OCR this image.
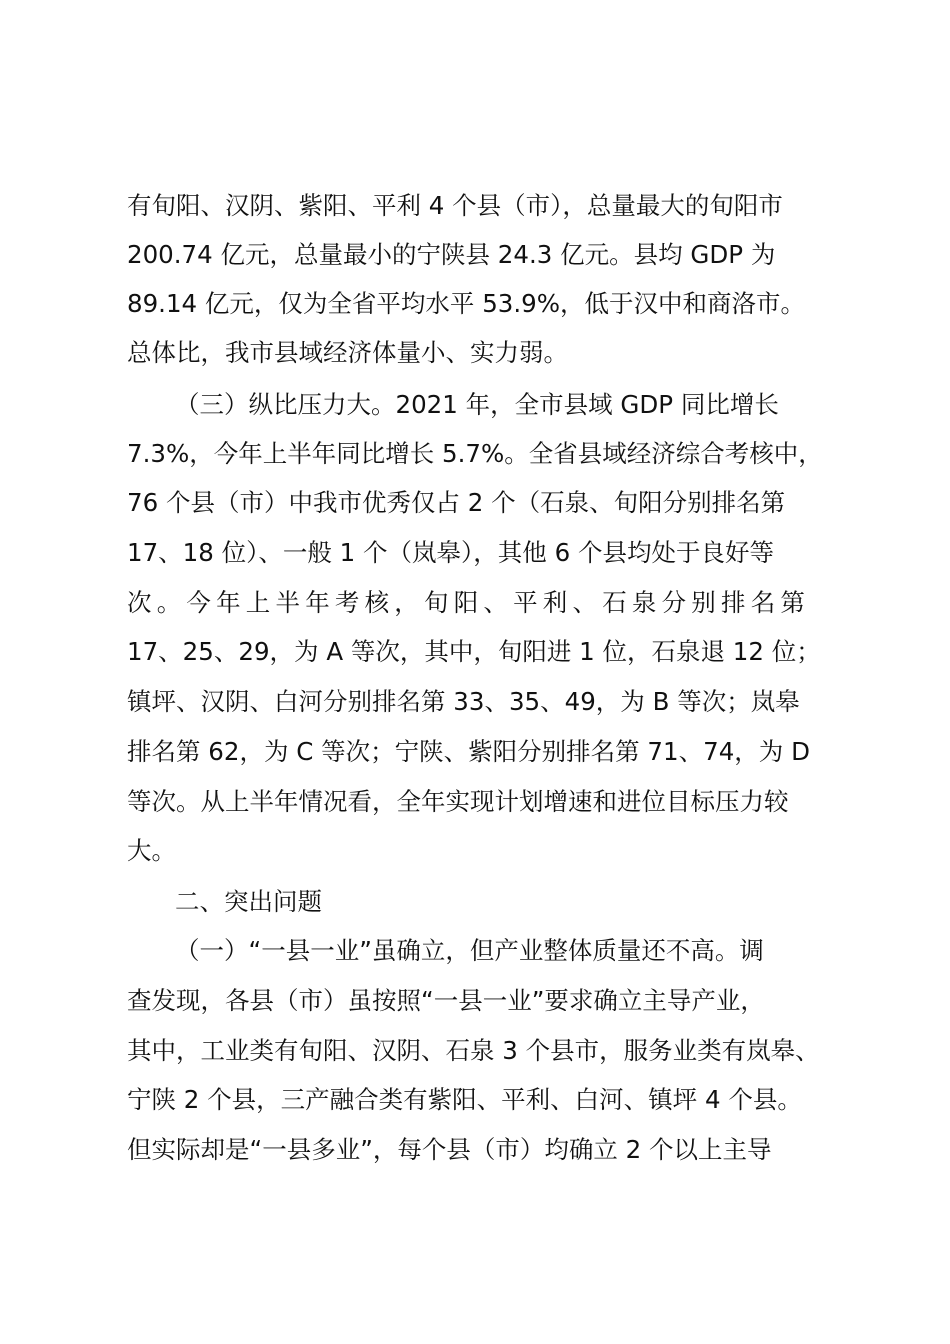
有旬阳、汉阴、紫阳、平利 4 个县（市），总量最大的旬阳市
200.74 亿元，总量最小的宁陕县 24.3 亿元。县均 GDP 为
89.14 亿元，仅为全省平均水平 53.9%，低于汉中和商洛市。
总体比，我市县域经济体量小、实力弱。
（三）纵比压力大。2021 年，全市县域 GDP 同比增长
7.3%，今年上半年同比增长 5.7%。全省县域经济综合考核中，
76 个县（市）中我市优秀仅占 2 个（石泉、旬阳分别排名第
17、18 位）、一般 1 个（岚皋），其他 6 个县均处于良好等
次。今年上半年考核，旬阳、平利、石泉分别排名第
17、25、29，为 A 等次，其中，旬阳进 1 位，石泉退 12 位；
镇坪、汉阴、白河分别排名第 33、35、49，为 B 等次；岚皋
排名第 62，为 C 等次；宁陕、紫阳分别排名第 71、74，为 D
等次。从上半年情况看，全年实现计划增速和进位目标压力较
大。
二、突出问题
（一）“一县一业”虽确立，但产业整体质量还不高。调
查发现，各县（市）虽按照“一县一业”要求确立主导产业，
其中，工业类有旬阳、汉阴、石泉 3 个县市，服务业类有岚皋、
宁陕 2 个县，三产融合类有紫阳、平利、白河、镇坪 4 个县。
但实际却是“一县多业”，每个县（市）均确立 2 个以上主导
